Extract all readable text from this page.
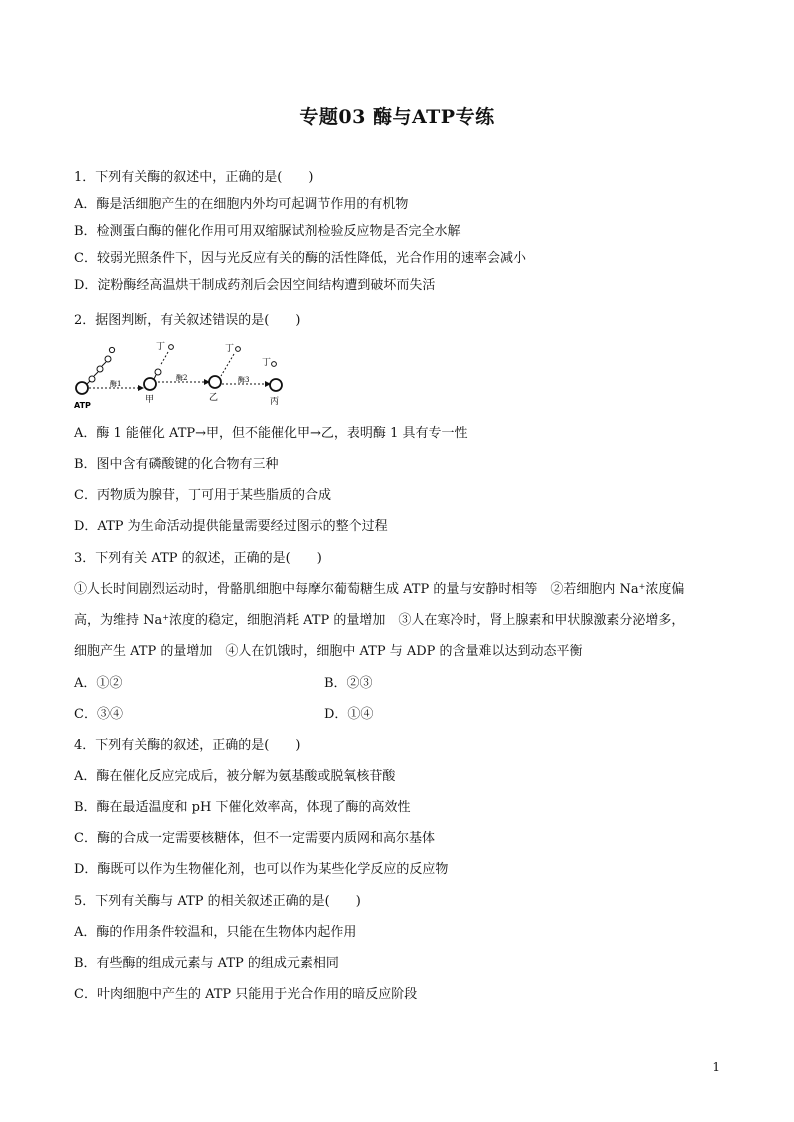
专题03 酶与ATP专练
1．下列有关酶的叙述中，正确的是(　　)
A．酶是活细胞产生的在细胞内外均可起调节作用的有机物
B．检测蛋白酶的催化作用可用双缩脲试剂检验反应物是否完全水解
C．较弱光照条件下，因与光反应有关的酶的活性降低，光合作用的速率会减小
D．淀粉酶经高温烘干制成药剂后会因空间结构遭到破坏而失活
2．据图判断，有关叙述错误的是(　　)
ATP
酶1
甲
丁
酶2
乙
丁
酶3
丁
丙
A．酶 1 能催化 ATP→甲，但不能催化甲→乙，表明酶 1 具有专一性
B．图中含有磷酸键的化合物有三种
C．丙物质为腺苷，丁可用于某些脂质的合成
D．ATP 为生命活动提供能量需要经过图示的整个过程
3．下列有关 ATP 的叙述，正确的是(　　)
①人长时间剧烈运动时，骨骼肌细胞中每摩尔葡萄糖生成 ATP 的量与安静时相等　②若细胞内 Na+浓度偏
高，为维持 Na+浓度的稳定，细胞消耗 ATP 的量增加　③人在寒冷时，肾上腺素和甲状腺激素分泌增多，
细胞产生 ATP 的量增加　④人在饥饿时，细胞中 ATP 与 ADP 的含量难以达到动态平衡
A．①②	B．②③
C．③④	D．①④
4．下列有关酶的叙述，正确的是(　　)
A．酶在催化反应完成后，被分解为氨基酸或脱氧核苷酸
B．酶在最适温度和 pH 下催化效率高，体现了酶的高效性
C．酶的合成一定需要核糖体，但不一定需要内质网和高尔基体
D．酶既可以作为生物催化剂，也可以作为某些化学反应的反应物
5．下列有关酶与 ATP 的相关叙述正确的是(　　)
A．酶的作用条件较温和，只能在生物体内起作用
B．有些酶的组成元素与 ATP 的组成元素相同
C．叶肉细胞中产生的 ATP 只能用于光合作用的暗反应阶段
1
